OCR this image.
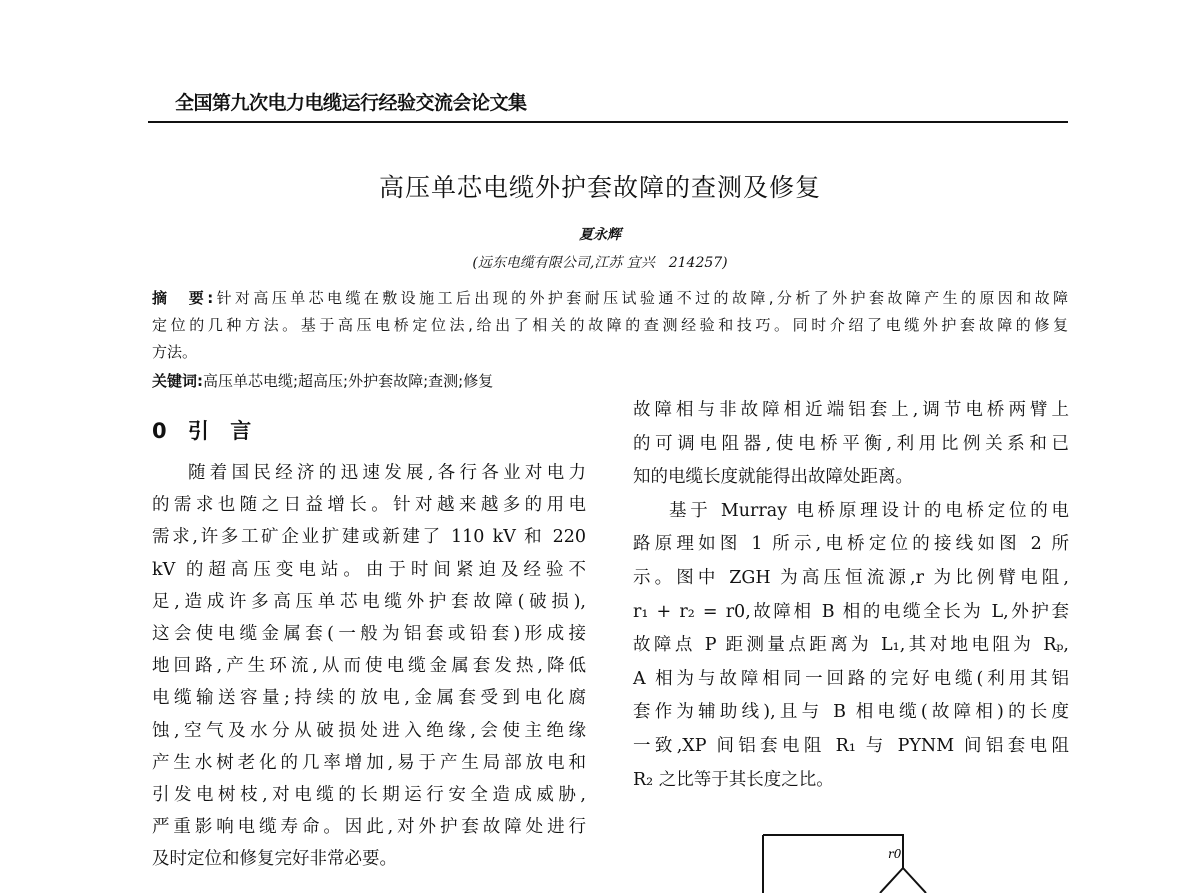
全国第九次电力电缆运行经验交流会论文集
高压单芯电缆外护套故障的查测及修复
夏永辉
(远东电缆有限公司,江苏 宜兴　214257)
摘　要:针对高压单芯电缆在敷设施工后出现的外护套耐压试验通不过的故障,分析了外护套故障产生的原因和故障
定位的几种方法。基于高压电桥定位法,给出了相关的故障的查测经验和技巧。同时介绍了电缆外护套故障的修复
方法。
关键词:高压单芯电缆;超高压;外护套故障;查测;修复
0 引 言
随着国民经济的迅速发展,各行各业对电力
的需求也随之日益增长。针对越来越多的用电
需求,许多工矿企业扩建或新建了 110 kV 和 220
kV 的超高压变电站。由于时间紧迫及经验不
足,造成许多高压单芯电缆外护套故障(破损),
这会使电缆金属套(一般为铝套或铅套)形成接
地回路,产生环流,从而使电缆金属套发热,降低
电缆输送容量;持续的放电,金属套受到电化腐
蚀,空气及水分从破损处进入绝缘,会使主绝缘
产生水树老化的几率增加,易于产生局部放电和
引发电树枝,对电缆的长期运行安全造成威胁,
严重影响电缆寿命。因此,对外护套故障处进行
及时定位和修复完好非常必要。
故障相与非故障相近端铝套上,调节电桥两臂上
的可调电阻器,使电桥平衡,利用比例关系和已
知的电缆长度就能得出故障处距离。
基于 Murray 电桥原理设计的电桥定位的电
路原理如图 1 所示,电桥定位的接线如图 2 所
示。图中 ZGH 为高压恒流源,r 为比例臂电阻,
r₁ + r₂ = r0,故障相 B 相的电缆全长为 L,外护套
故障点 P 距测量点距离为 L₁,其对地电阻为 Rₚ,
A 相为与故障相同一回路的完好电缆(利用其铝
套作为辅助线),且与 B 相电缆(故障相)的长度
一致,XP 间铝套电阻 R₁ 与 PYNM 间铝套电阻
R₂ 之比等于其长度之比。
r0
